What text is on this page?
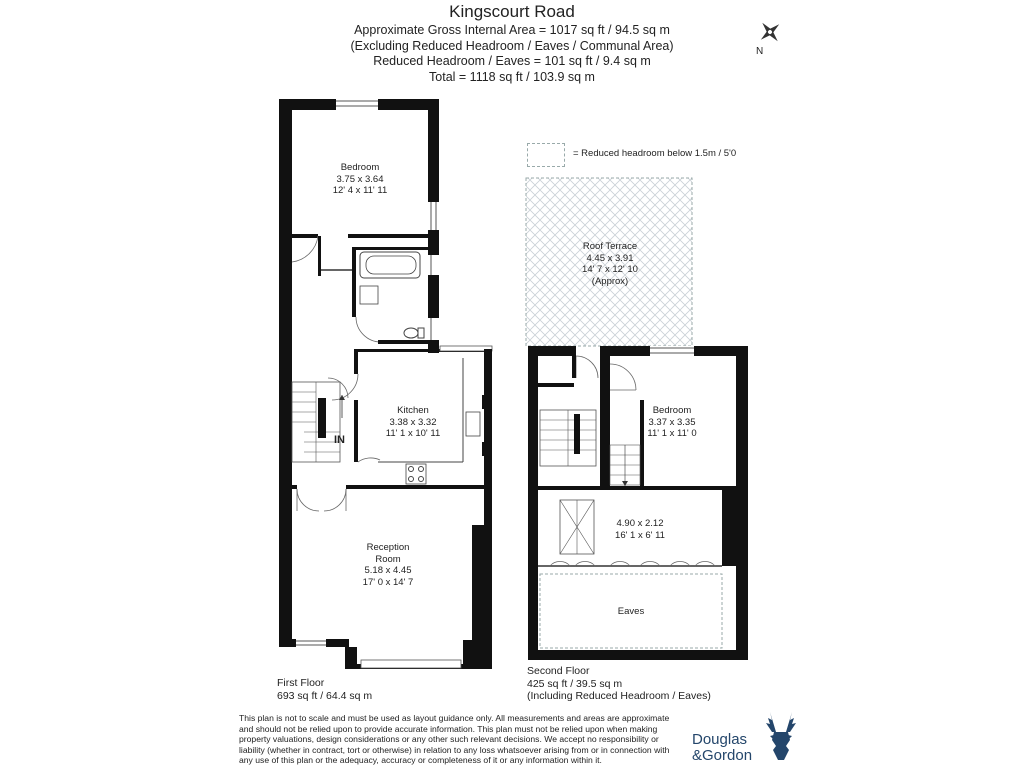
Kingscourt Road
Approximate Gross Internal Area = 1017 sq ft / 94.5 sq m
(Excluding Reduced Headroom / Eaves / Communal Area)
Reduced Headroom / Eaves = 101 sq ft / 9.4 sq m
Total = 1118 sq ft / 103.9 sq m
N
= Reduced headroom below 1.5m / 5'0
Bedroom
3.75 x 3.64
12' 4 x 11' 11
Kitchen
3.38 x 3.32
11' 1 x 10' 11
Reception
Room
5.18 x 4.45
17' 0 x 14' 7
IN
Roof Terrace
4.45 x 3.91
14' 7 x 12' 10
(Approx)
Bedroom
3.37 x 3.35
11' 1 x 11' 0
4.90 x 2.12
16' 1 x 6' 11
Eaves
First Floor
693 sq ft / 64.4 sq m
Second Floor
425 sq ft / 39.5 sq m
(Including Reduced Headroom / Eaves)
This plan is not to scale and must be used as layout guidance only. All measurements and areas are approximate and should not be relied upon to provide accurate information. This plan must not be relied upon when making property valuations, design considerations or any other such relevant decisions. We accept no responsibility or liability (whether in contract, tort or otherwise) in relation to any loss whatsoever arising from or in connection with any use of this plan or the adequacy, accuracy or completeness of it or any information within it.
Douglas
&Gordon
